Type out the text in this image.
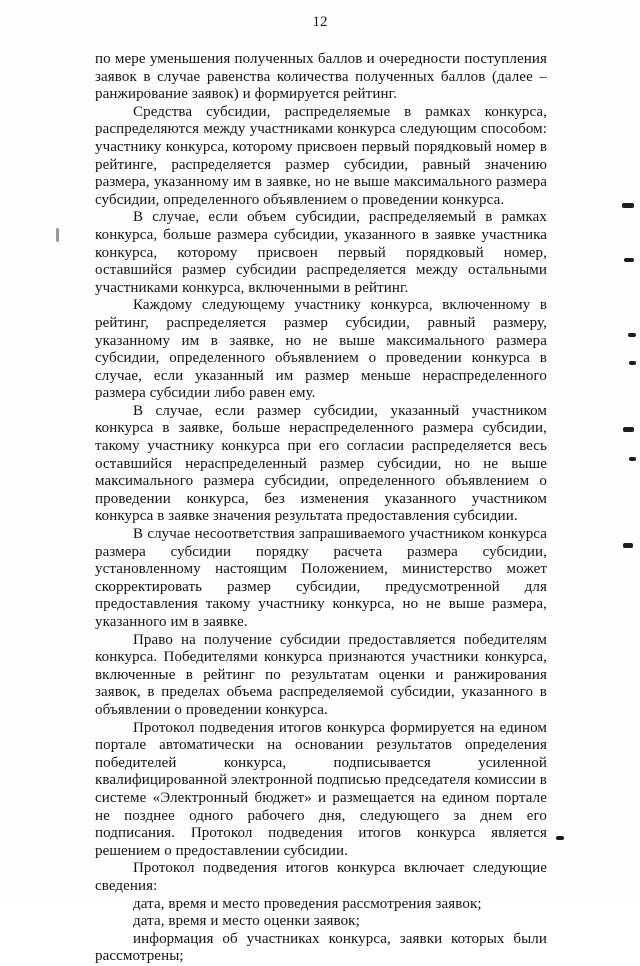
12

по мере уменьшения полученных баллов и очередности поступления заявок в случае равенства количества полученных баллов (далее – ранжирование заявок) и формируется рейтинг.

Средства субсидии, распределяемые в рамках конкурса, распределяются между участниками конкурса следующим способом: участнику конкурса, которому присвоен первый порядковый номер в рейтинге, распределяется размер субсидии, равный значению размера, указанному им в заявке, но не выше максимального размера субсидии, определенного объявлением о проведении конкурса.

В случае, если объем субсидии, распределяемый в рамках конкурса, больше размера субсидии, указанного в заявке участника конкурса, которому присвоен первый порядковый номер, оставшийся размер субсидии распределяется между остальными участниками конкурса, включенными в рейтинг.

Каждому следующему участнику конкурса, включенному в рейтинг, распределяется размер субсидии, равный размеру, указанному им в заявке, но не выше максимального размера субсидии, определенного объявлением о проведении конкурса в случае, если указанный им размер меньше нераспределенного размера субсидии либо равен ему.

В случае, если размер субсидии, указанный участником конкурса в заявке, больше нераспределенного размера субсидии, такому участнику конкурса при его согласии распределяется весь оставшийся нераспределенный размер субсидии, но не выше максимального размера субсидии, определенного объявлением о проведении конкурса, без изменения указанного участником конкурса в заявке значения результата предоставления субсидии.

В случае несоответствия запрашиваемого участником конкурса размера субсидии порядку расчета размера субсидии, установленному настоящим Положением, министерство может скорректировать размер субсидии, предусмотренной для предоставления такому участнику конкурса, но не выше размера, указанного им в заявке.

Право на получение субсидии предоставляется победителям конкурса. Победителями конкурса признаются участники конкурса, включенные в рейтинг по результатам оценки и ранжирования заявок, в пределах объема распределяемой субсидии, указанного в объявлении о проведении конкурса.

Протокол подведения итогов конкурса формируется на едином портале автоматически на основании результатов определения победителей конкурса, подписывается усиленной квалифицированной электронной подписью председателя комиссии в системе «Электронный бюджет» и размещается на едином портале не позднее одного рабочего дня, следующего за днем его подписания. Протокол подведения итогов конкурса является решением о предоставлении субсидии.

Протокол подведения итогов конкурса включает следующие сведения:

дата, время и место проведения рассмотрения заявок;

дата, время и место оценки заявок;

информация об участниках конкурса, заявки которых были рассмотрены;
